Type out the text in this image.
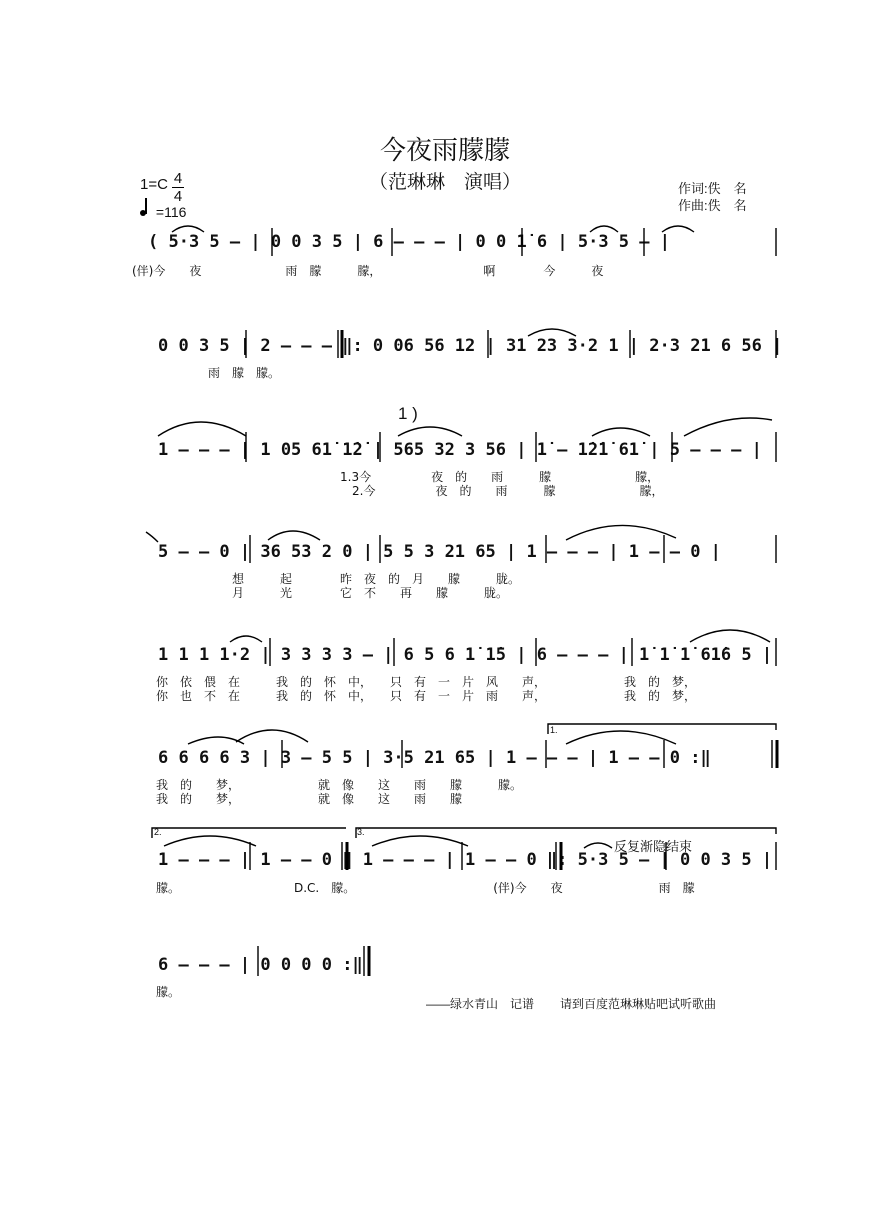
今夜雨朦朦
（范琳琳　演唱）
1=C 4
4
=116
作词:佚　名
作曲:佚　名
( 5·3 5 — | 0 0 3 5 | 6 — — — | 0 0 1̇ 6 | 5·3 5 — |
(伴)今　　夜　　　　　　　雨　朦　　　朦，　　　　　　　　　啊　　　　今　　　夜
0 0 3 5 | 2 — — — ‖: 0 06 56 12 | 31 23 3·2 1 | 2·3 21 6 56 |
　　　　雨　朦　朦。
1 )
1 — — — | 1 05 61̇ 1̇2̇ | 565 32 3 56 | 1̇ — 1̇2̇1̇ 61̇ | 5 — — — |
　　　　　　　　　　　　　　　1.3今　　　　　夜　的　　雨　　　朦　　　　　　　朦，
　　　　　　　　　　　　　　　　2.今　　　　　夜　的　　雨　　　朦　　　　　　　朦，
5 — — 0 | 36 53 2 0 | 5 5 3 21 65 | 1 — — — | 1 — — 0 |
　　　　　　想　　　起　　　　昨　夜　的　月　　朦　　　胧。
　　　　　　月　　　光　　　　它　不　　再　　朦　　　胧。
1 1 1 1·2 | 3 3 3 3 — | 6 5 6 1̇ 1̇5 | 6 — — — | 1̇ 1̇ 1̇ 61̇6 5 |
你　依　偎　在　　　我　的　怀　中，　　只　有　一　片　风　　声，　　　　　　　我　的　梦，
你　也　不　在　　　我　的　怀　中，　　只　有　一　片　雨　　声，　　　　　　　我　的　梦，
1.
6 6 6 6 3 | 3 — 5 5 | 3·5 21 65 | 1 — — — | 1 — — 0 :‖
我　的　　梦，　　　　　　　就　像　　这　　雨　　朦　　　朦。
我　的　　梦，　　　　　　　就　像　　这　　雨　　朦
2.	3.
反复渐隐结束
1 — — — | 1 — — 0 ‖ 1 — — — | 1 — — 0 ‖: 5·3 5 — | 0 0 3 5 |
朦。　　　　　　　　　　D.C.　朦。　　　　　　　　　　　　(伴)今　　夜　　　　　　　　雨　朦
6 — — — | 0 0 0 0 :‖
朦。
——绿水青山　记谱 请到百度范琳琳贴吧试听歌曲
